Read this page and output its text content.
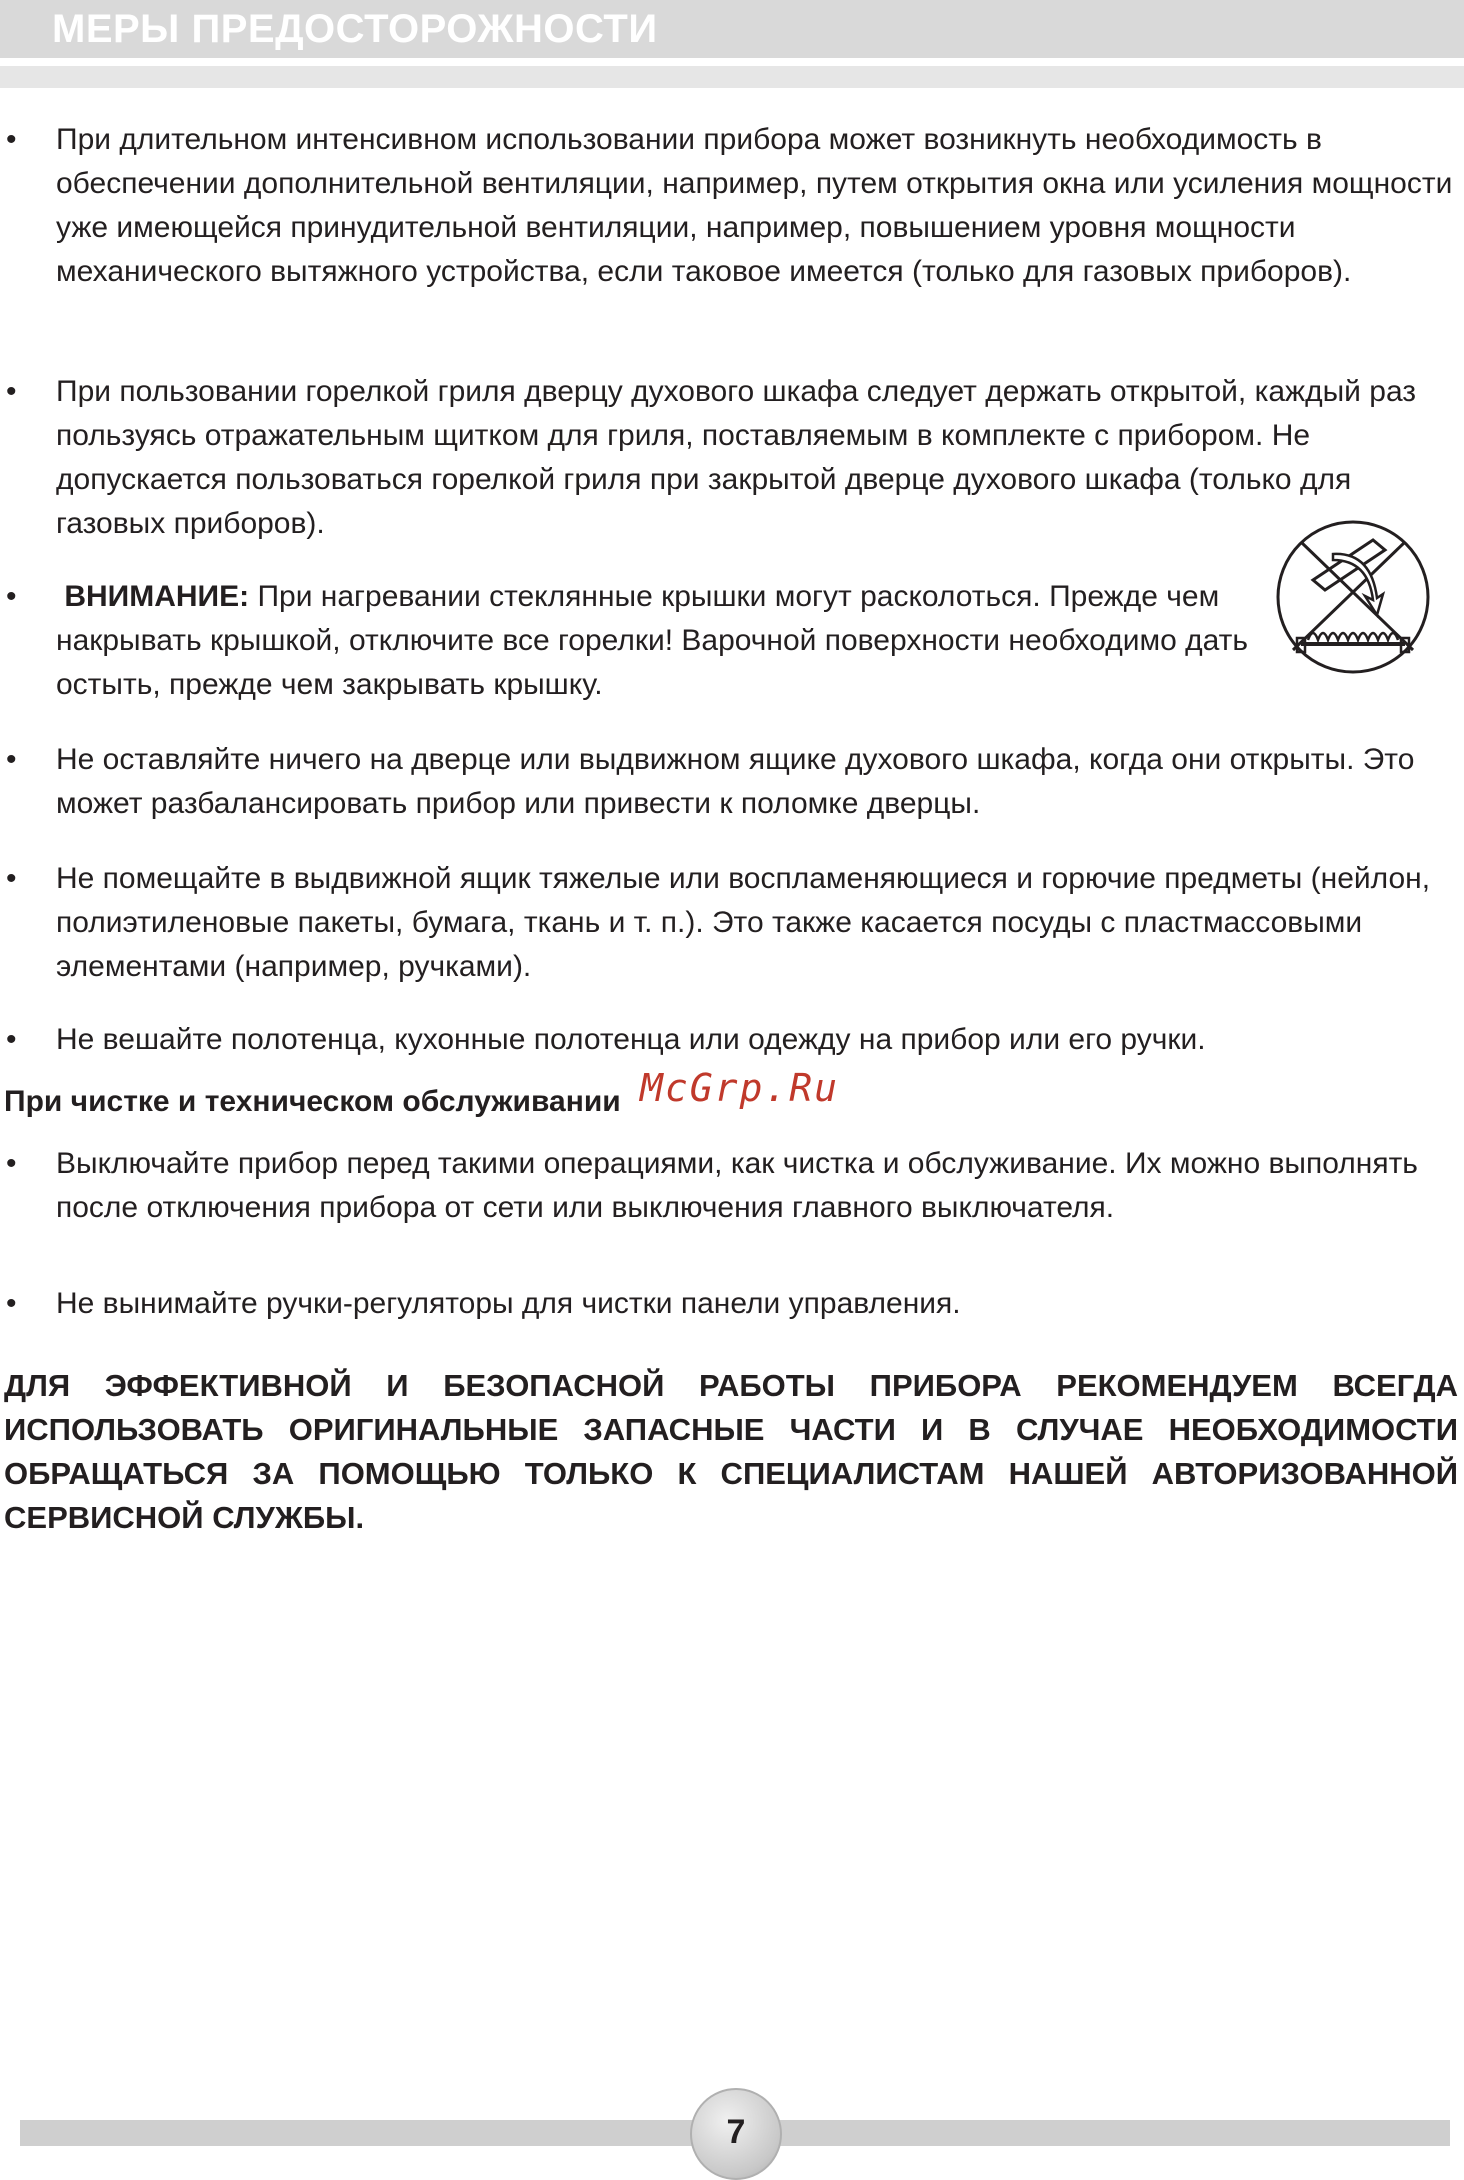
МЕРЫ ПРЕДОСТОРОЖНОСТИ
• При длительном интенсивном использовании прибора может возникнуть необходимость в обеспечении дополнительной вентиляции, например, путем открытия окна или усиления мощности уже имеющейся принудительной вентиляции, например, повышением уровня мощности механического вытяжного устройства, если таковое имеется (только для газовых приборов).
• При пользовании горелкой гриля дверцу духового шкафа следует держать открытой, каждый раз пользуясь отражательным щитком для гриля, поставляемым в комплекте с прибором. Не допускается пользоваться горелкой гриля при закрытой дверце духового шкафа (только для газовых приборов).
• ВНИМАНИЕ: При нагревании стеклянные крышки могут расколоться. Прежде чем накрывать крышкой, отключите все горелки! Варочной поверхности необходимо дать остыть, прежде чем закрывать крышку.
• Не оставляйте ничего на дверце или выдвижном ящике духового шкафа, когда они открыты. Это может разбалансировать прибор или привести к поломке дверцы.
• Не помещайте в выдвижной ящик тяжелые или воспламеняющиеся и горючие предметы (нейлон, полиэтиленовые пакеты, бумага, ткань и т. п.). Это также касается посуды с пластмассовыми элементами (например, ручками).
• Не вешайте полотенца, кухонные полотенца или одежду на прибор или его ручки.
При чистке и техническом обслуживании McGrp.Ru
• Выключайте прибор перед такими операциями, как чистка и обслуживание. Их можно выполнять после отключения прибора от сети или выключения главного выключателя.
• Не вынимайте ручки-регуляторы для чистки панели управления.
ДЛЯ ЭФФЕКТИВНОЙ И БЕЗОПАСНОЙ РАБОТЫ ПРИБОРА РЕКОМЕНДУЕМ ВСЕГДА ИСПОЛЬЗОВАТЬ ОРИГИНАЛЬНЫЕ ЗАПАСНЫЕ ЧАСТИ И В СЛУЧАЕ НЕОБХОДИМОСТИ ОБРАЩАТЬСЯ ЗА ПОМОЩЬЮ ТОЛЬКО К СПЕЦИАЛИСТАМ НАШЕЙ АВТОРИЗОВАННОЙ СЕРВИСНОЙ СЛУЖБЫ.
7
